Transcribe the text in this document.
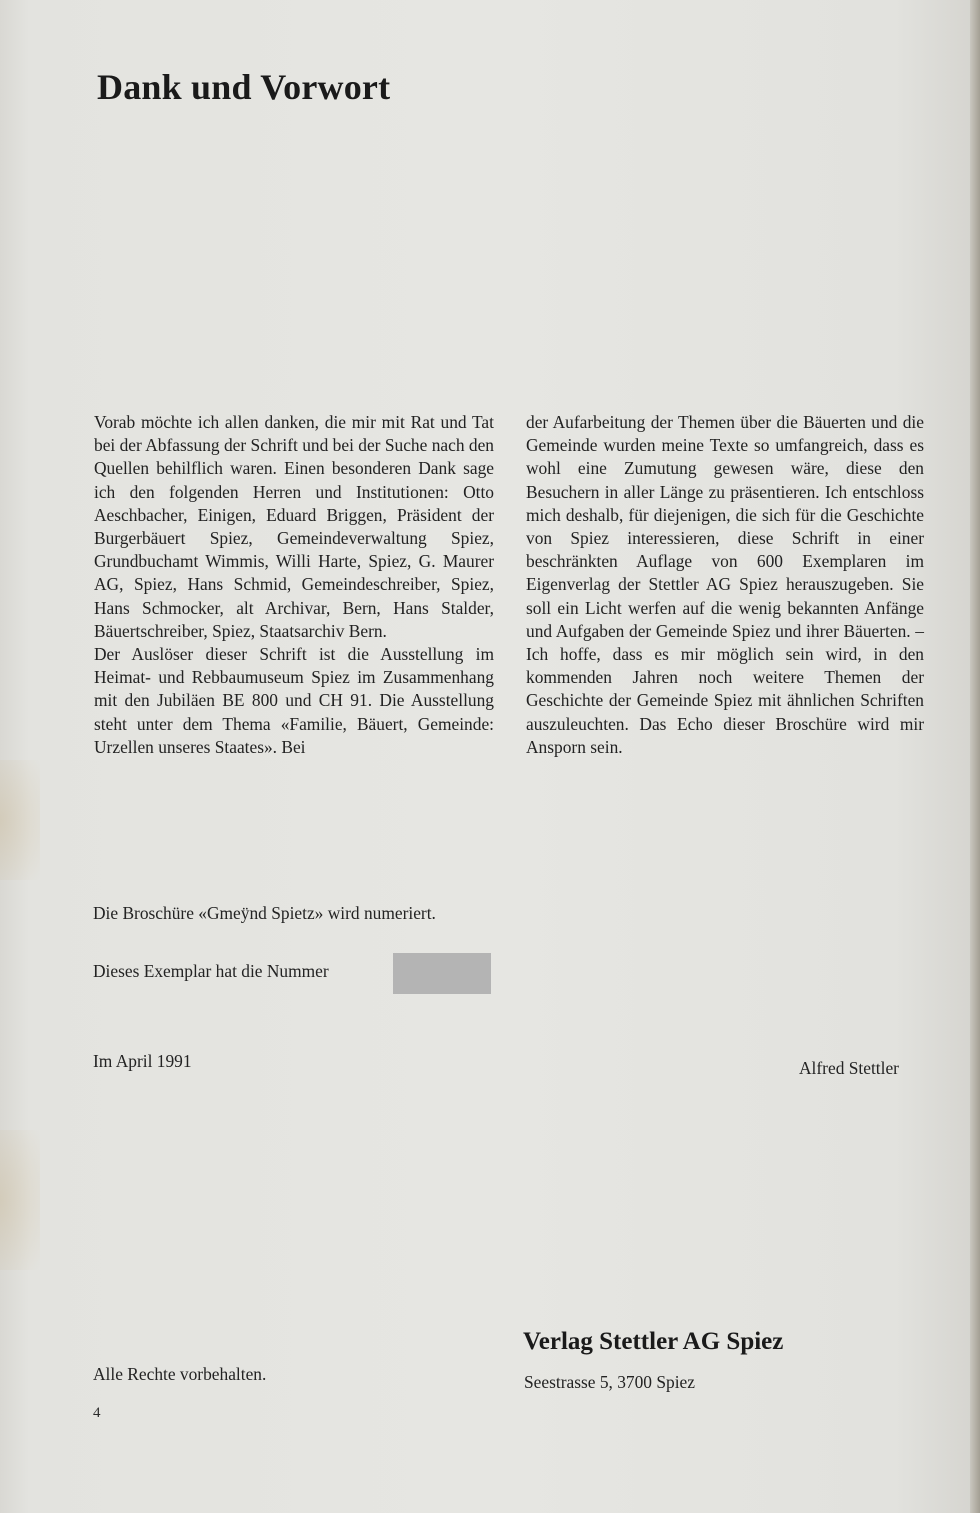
Dank und Vorwort

Vorab möchte ich allen danken, die mir mit Rat und Tat bei der Abfassung der Schrift und bei der Suche nach den Quellen behilflich waren. Einen besonderen Dank sage ich den folgenden Herren und Institutionen: Otto Aeschbacher, Einigen, Eduard Briggen, Präsident der Burgerbäuert Spiez, Gemeindeverwaltung Spiez, Grundbuchamt Wimmis, Willi Harte, Spiez, G. Maurer AG, Spiez, Hans Schmid, Gemeindeschreiber, Spiez, Hans Schmocker, alt Archivar, Bern, Hans Stalder, Bäuertschreiber, Spiez, Staatsarchiv Bern.

Der Auslöser dieser Schrift ist die Ausstellung im Heimat- und Rebbaumuseum Spiez im Zusammenhang mit den Jubiläen BE 800 und CH 91. Die Ausstellung steht unter dem Thema «Familie, Bäuert, Gemeinde: Urzellen unseres Staates». Bei

der Aufarbeitung der Themen über die Bäuerten und die Gemeinde wurden meine Texte so umfangreich, dass es wohl eine Zumutung gewesen wäre, diese den Besuchern in aller Länge zu präsentieren. Ich entschloss mich deshalb, für diejenigen, die sich für die Geschichte von Spiez interessieren, diese Schrift in einer beschränkten Auflage von 600 Exemplaren im Eigenverlag der Stettler AG Spiez herauszugeben. Sie soll ein Licht werfen auf die wenig bekannten Anfänge und Aufgaben der Gemeinde Spiez und ihrer Bäuerten. – Ich hoffe, dass es mir möglich sein wird, in den kommenden Jahren noch weitere Themen der Geschichte der Gemeinde Spiez mit ähnlichen Schriften auszuleuchten. Das Echo dieser Broschüre wird mir Ansporn sein.

Die Broschüre «Gmeÿnd Spietz» wird numeriert.
Dieses Exemplar hat die Nummer
Im April 1991	Alfred Stettler
Verlag Stettler AG Spiez
Seestrasse 5, 3700 Spiez
Alle Rechte vorbehalten.
4
